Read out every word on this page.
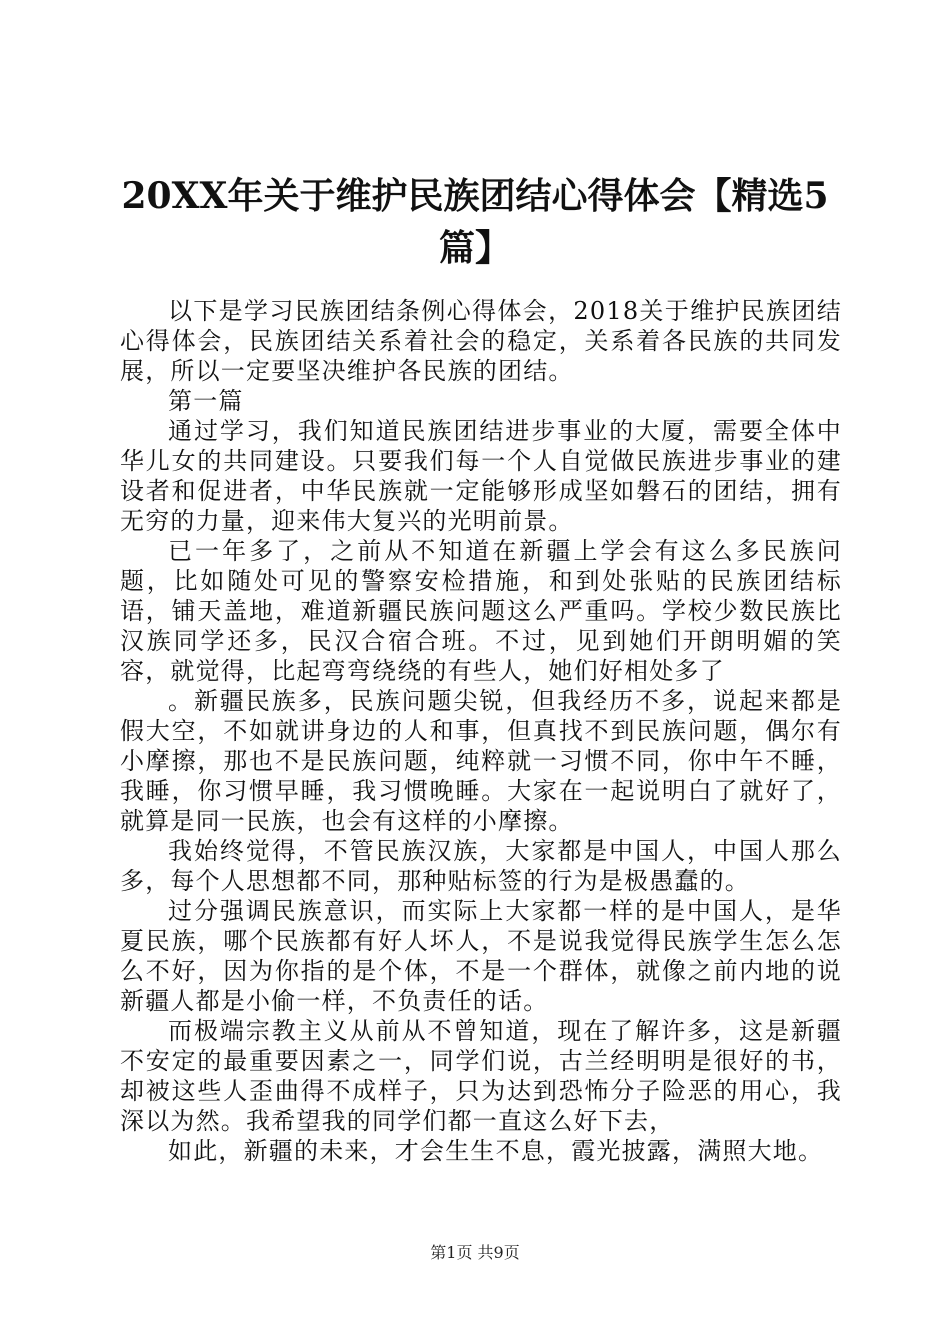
20XX年关于维护民族团结心得体会【精选5篇】

以下是学习民族团结条例心得体会，2018关于维护民族团结心得体会，民族团结关系着社会的稳定，关系着各民族的共同发展，所以一定要坚决维护各民族的团结。

第一篇

通过学习，我们知道民族团结进步事业的大厦，需要全体中华儿女的共同建设。只要我们每一个人自觉做民族进步事业的建设者和促进者，中华民族就一定能够形成坚如磐石的团结，拥有无穷的力量，迎来伟大复兴的光明前景。

已一年多了，之前从不知道在新疆上学会有这么多民族问题，比如随处可见的警察安检措施，和到处张贴的民族团结标语，铺天盖地，难道新疆民族问题这么严重吗。学校少数民族比汉族同学还多，民汉合宿合班。不过，见到她们开朗明媚的笑容，就觉得，比起弯弯绕绕的有些人，她们好相处多了

。新疆民族多，民族问题尖锐，但我经历不多，说起来都是假大空，不如就讲身边的人和事，但真找不到民族问题，偶尔有小摩擦，那也不是民族问题，纯粹就一习惯不同，你中午不睡，我睡，你习惯早睡，我习惯晚睡。大家在一起说明白了就好了，就算是同一民族，也会有这样的小摩擦。

我始终觉得，不管民族汉族，大家都是中国人，中国人那么多，每个人思想都不同，那种贴标签的行为是极愚蠢的。

过分强调民族意识，而实际上大家都一样的是中国人，是华夏民族，哪个民族都有好人坏人，不是说我觉得民族学生怎么怎么不好，因为你指的是个体，不是一个群体，就像之前内地的说新疆人都是小偷一样，不负责任的话。

而极端宗教主义从前从不曾知道，现在了解许多，这是新疆不安定的最重要因素之一，同学们说，古兰经明明是很好的书，却被这些人歪曲得不成样子，只为达到恐怖分子险恶的用心，我深以为然。我希望我的同学们都一直这么好下去，

如此，新疆的未来，才会生生不息，霞光披露，满照大地。

第1页 共9页
